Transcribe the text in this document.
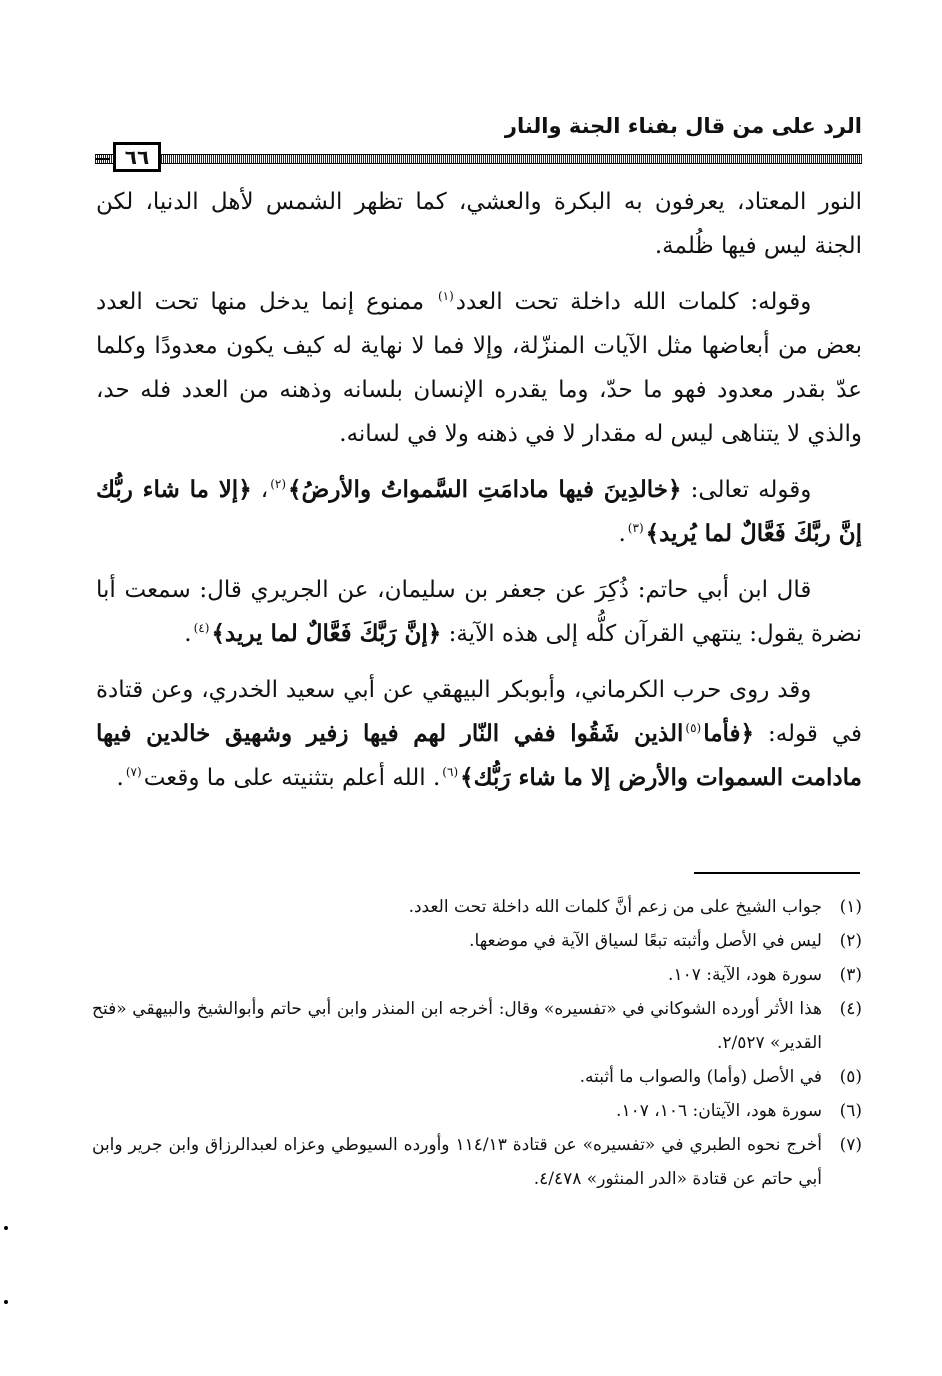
الرد على من قال بفناء الجنة والنار
٦٦

النور المعتاد، يعرفون به البكرة والعشي، كما تظهر الشمس لأهل الدنيا، لكن الجنة ليس فيها ظُلمة.

وقوله: كلمات الله داخلة تحت العدد$^{(١)}$ ممنوع إنما يدخل منها تحت العدد بعض من أبعاضها مثل الآيات المنزّلة، وإلا فما لا نهاية له كيف يكون معدودًا وكلما عدّ بقدر معدود فهو ما حدّ، وما يقدره الإنسان بلسانه وذهنه من العدد فله حد، والذي لا يتناهى ليس له مقدار لا في ذهنه ولا في لسانه.

وقوله تعالى: ﴿خالدِينَ فيها مادامَتِ السَّمواتُ والأرضُ﴾$^{(٢)}$، ﴿إلا ما شاء ربُّك إنَّ ربَّكَ فَعَّالٌ لما يُريد﴾$^{(٣)}$.

قال ابن أبي حاتم: ذُكِرَ عن جعفر بن سليمان، عن الجريري قال: سمعت أبا نضرة يقول: ينتهي القرآن كلُّه إلى هذه الآية: ﴿إنَّ رَبَّكَ فَعَّالٌ لما يريد﴾$^{(٤)}$.

وقد روى حرب الكرماني، وأبوبكر البيهقي عن أبي سعيد الخدري، وعن قتادة في قوله: ﴿فأما$^{(٥)}$الذين شَقُوا ففي النّار لهم فيها زفير وشهيق خالدين فيها مادامت السموات والأرض إلا ما شاء رَبُّك﴾$^{(٦)}$. الله أعلم بتثنيته على ما وقعت$^{(٧)}$.

(١)
جواب الشيخ على من زعم أنَّ كلمات الله داخلة تحت العدد.
(٢)
ليس في الأصل وأثبته تبعًا لسياق الآية في موضعها.
(٣)
سورة هود، الآية: ١٠٧.
(٤)
هذا الأثر أورده الشوكاني في «تفسيره» وقال: أخرجه ابن المنذر وابن أبي حاتم وأبوالشيخ والبيهقي «فتح القدير» ٢/٥٢٧.
(٥)
في الأصل (وأما) والصواب ما أثبته.
(٦)
سورة هود، الآيتان: ١٠٦، ١٠٧.
(٧)
أخرج نحوه الطبري في «تفسيره» عن قتادة ١١٤/١٣ وأورده السيوطي وعزاه لعبدالرزاق وابن جرير وابن أبي حاتم عن قتادة «الدر المنثور» ٤/٤٧٨.
